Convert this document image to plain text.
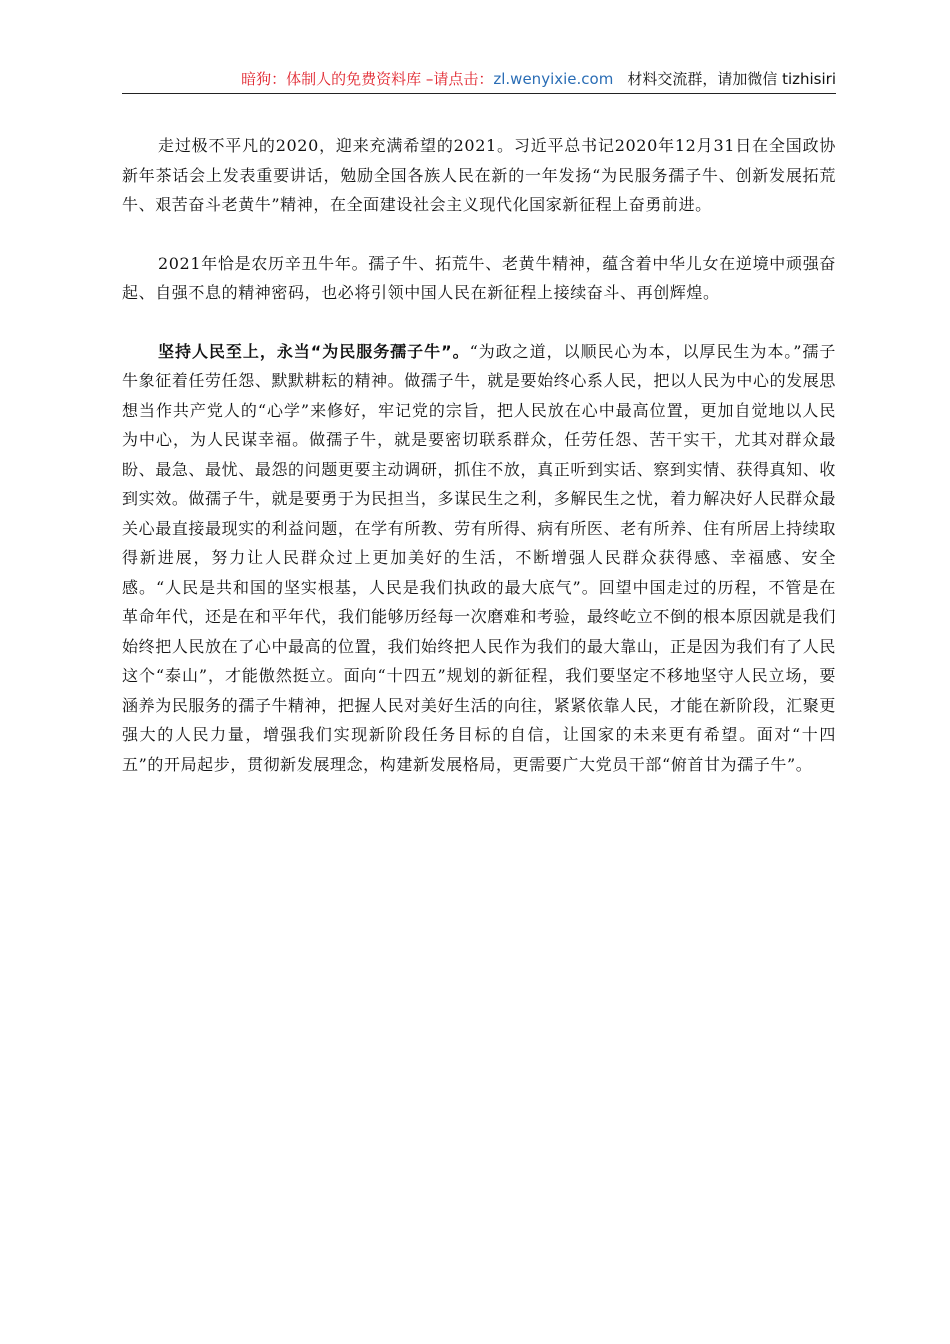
暗狗：体制人的免费资料库 –请点击：zl.wenyixie.com 材料交流群，请加微信 tizhisiri

走过极不平凡的2020，迎来充满希望的2021。习近平总书记2020年12月31日在全国政协新年茶话会上发表重要讲话，勉励全国各族人民在新的一年发扬“为民服务孺子牛、创新发展拓荒牛、艰苦奋斗老黄牛”精神，在全面建设社会主义现代化国家新征程上奋勇前进。

2021年恰是农历辛丑牛年。孺子牛、拓荒牛、老黄牛精神，蕴含着中华儿女在逆境中顽强奋起、自强不息的精神密码，也必将引领中国人民在新征程上接续奋斗、再创辉煌。

坚持人民至上，永当“为民服务孺子牛”。“为政之道，以顺民心为本，以厚民生为本。”孺子牛象征着任劳任怨、默默耕耘的精神。做孺子牛，就是要始终心系人民，把以人民为中心的发展思想当作共产党人的“心学”来修好，牢记党的宗旨，把人民放在心中最高位置，更加自觉地以人民为中心，为人民谋幸福。做孺子牛，就是要密切联系群众，任劳任怨、苦干实干，尤其对群众最盼、最急、最忧、最怨的问题更要主动调研，抓住不放，真正听到实话、察到实情、获得真知、收到实效。做孺子牛，就是要勇于为民担当，多谋民生之利，多解民生之忧，着力解决好人民群众最关心最直接最现实的利益问题，在学有所教、劳有所得、病有所医、老有所养、住有所居上持续取得新进展，努力让人民群众过上更加美好的生活，不断增强人民群众获得感、幸福感、安全感。“人民是共和国的坚实根基，人民是我们执政的最大底气”。回望中国走过的历程，不管是在革命年代，还是在和平年代，我们能够历经每一次磨难和考验，最终屹立不倒的根本原因就是我们始终把人民放在了心中最高的位置，我们始终把人民作为我们的最大靠山，正是因为我们有了人民这个“泰山”，才能傲然挺立。面向“十四五”规划的新征程，我们要坚定不移地坚守人民立场，要涵养为民服务的孺子牛精神，把握人民对美好生活的向往，紧紧依靠人民，才能在新阶段，汇聚更强大的人民力量，增强我们实现新阶段任务目标的自信，让国家的未来更有希望。面对“十四五”的开局起步，贯彻新发展理念，构建新发展格局，更需要广大党员干部“俯首甘为孺子牛”。
